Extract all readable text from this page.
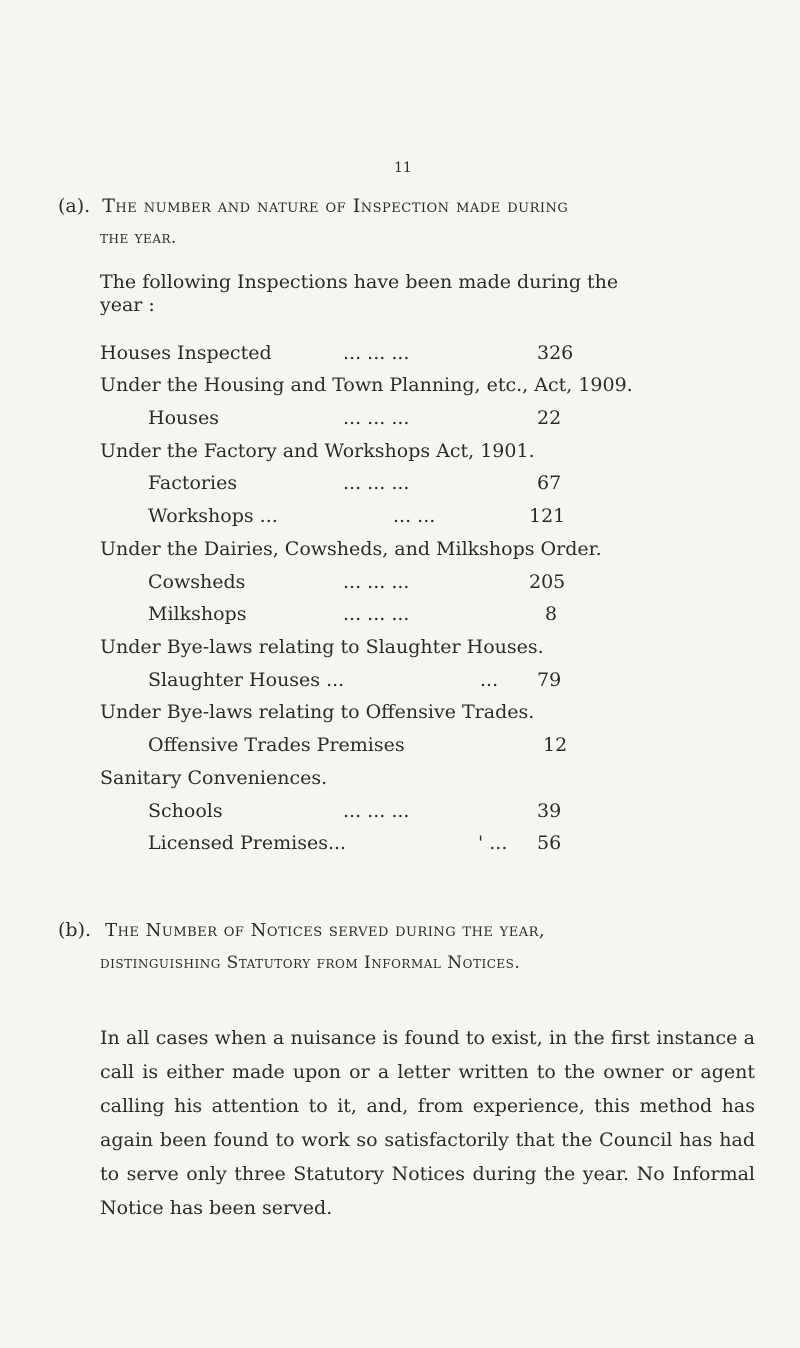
11
(a). The number and nature of Inspection made during
the year.
The following Inspections have been made during the
year :
Houses Inspected	... ... ...	326
Under the Housing and Town Planning, etc., Act, 1909.
Houses	... ... ...	22
Under the Factory and Workshops Act, 1901.
Factories	... ... ...	67
Workshops ...	... ...	121
Under the Dairies, Cowsheds, and Milkshops Order.
Cowsheds	... ... ...	205
Milkshops	... ... ...	8
Under Bye-laws relating to Slaughter Houses.
Slaughter Houses ...	... 79
Under Bye-laws relating to Offensive Trades.
Offensive Trades Premises	12
Sanitary Conveniences.
Schools	... ... ...	39
Licensed Premises...	' ... 56
(b). The Number of Notices served during the year,
distinguishing Statutory from Informal Notices.
In all cases when a nuisance is found to exist, in the first instance a call is either made upon or a letter written to the owner or agent calling his attention to it, and, from experience, this method has again been found to work so satisfactorily that the Council has had to serve only three Statutory Notices during the year. No Informal Notice has been served.
